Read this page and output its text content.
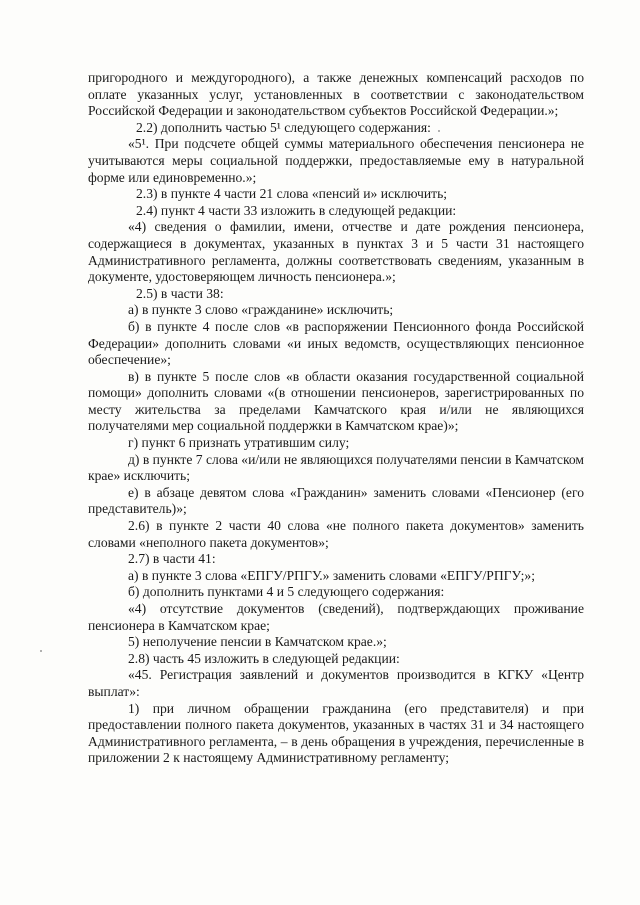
пригородного и междугородного), а также денежных компенсаций расходов по оплате указанных услуг, установленных в соответствии с законодательством Российской Федерации и законодательством субъектов Российской Федерации.»;

2.2) дополнить частью 5¹ следующего содержания:

«5¹. При подсчете общей суммы материального обеспечения пенсионера не учитываются меры социальной поддержки, предоставляемые ему в натуральной форме или единовременно.»;

2.3) в пункте 4 части 21 слова «пенсий и» исключить;

2.4) пункт 4 части 33 изложить в следующей редакции:

«4) сведения о фамилии, имени, отчестве и дате рождения пенсионера, содержащиеся в документах, указанных в пунктах 3 и 5 части 31 настоящего Административного регламента, должны соответствовать сведениям, указанным в документе, удостоверяющем личность пенсионера.»;

2.5) в части 38:

а) в пункте 3 слово «гражданине» исключить;

б) в пункте 4 после слов «в распоряжении Пенсионного фонда Российской Федерации» дополнить словами «и иных ведомств, осуществляющих пенсионное обеспечение»;

в) в пункте 5 после слов «в области оказания государственной социальной помощи» дополнить словами «(в отношении пенсионеров, зарегистрированных по месту жительства за пределами Камчатского края и/или не являющихся получателями мер социальной поддержки в Камчатском крае)»;

г) пункт 6 признать утратившим силу;

д) в пункте 7 слова «и/или не являющихся получателями пенсии в Камчатском крае» исключить;

е) в абзаце девятом слова «Гражданин» заменить словами «Пенсионер (его представитель)»;

2.6) в пункте 2 части 40 слова «не полного пакета документов» заменить словами «неполного пакета документов»;

2.7) в части 41:

а) в пункте 3 слова «ЕПГУ/РПГУ.» заменить словами «ЕПГУ/РПГУ;»;

б) дополнить пунктами 4 и 5 следующего содержания:

«4) отсутствие документов (сведений), подтверждающих проживание пенсионера в Камчатском крае;

5) неполучение пенсии в Камчатском крае.»;

2.8) часть 45 изложить в следующей редакции:

«45. Регистрация заявлений и документов производится в КГКУ «Центр выплат»:

1) при личном обращении гражданина (его представителя) и при предоставлении полного пакета документов, указанных в частях 31 и 34 настоящего Административного регламента, – в день обращения в учреждения, перечисленные в приложении 2 к настоящему Административному регламенту;
